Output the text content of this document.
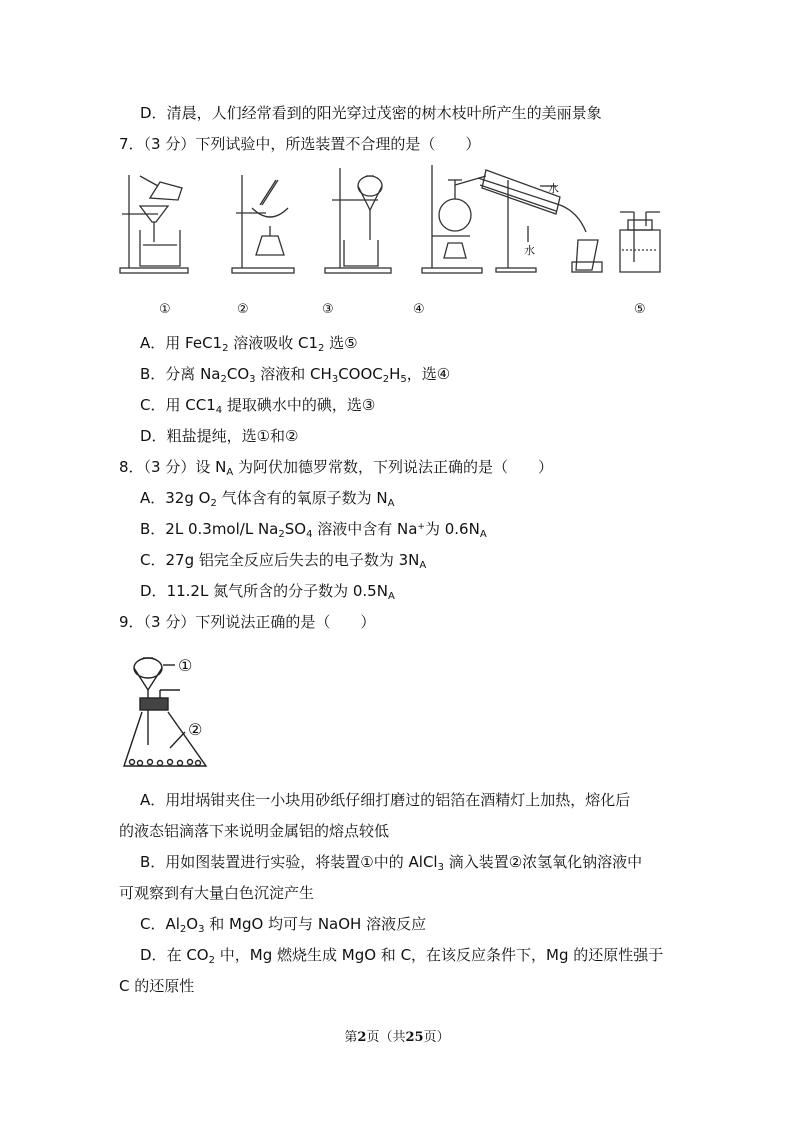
D．清晨，人们经常看到的阳光穿过茂密的树木枝叶所产生的美丽景象
7．（3 分）下列试验中，所选装置不合理的是（　　）
水
水
①	②	③	④	⑤
A．用 $FeC1_2$ 溶液吸收 $C1_2$ 选⑤
B．分离 $Na_2CO_3$ 溶液和 $CH_3COOC_2H_5$，选④
C．用 $CC1_4$ 提取碘水中的碘，选③
D．粗盐提纯，选①和②
8．（3 分）设 $N_A$ 为阿伏加德罗常数，下列说法正确的是（　　）
A．32g $O_2$ 气体含有的氧原子数为 $N_A$
B．2L 0.3mol/L $Na_2SO_4$ 溶液中含有 Na+为 $0.6N_A$
C．27g 铝完全反应后失去的电子数为 $3N_A$
D．11.2L 氮气所含的分子数为 $0.5N_A$
9．（3 分）下列说法正确的是（　　）
①
②
A．用坩埚钳夹住一小块用砂纸仔细打磨过的铝箔在酒精灯上加热，熔化后
的液态铝滴落下来说明金属铝的熔点较低
B．用如图装置进行实验，将装置①中的 AlCl$_3$ 滴入装置②浓氢氧化钠溶液中
可观察到有大量白色沉淀产生
C．$Al_2O_3$ 和 MgO 均可与 NaOH 溶液反应
D．在 $CO_2$ 中，Mg 燃烧生成 MgO 和 C，在该反应条件下，Mg 的还原性强于
C 的还原性
第2页（共25页）
